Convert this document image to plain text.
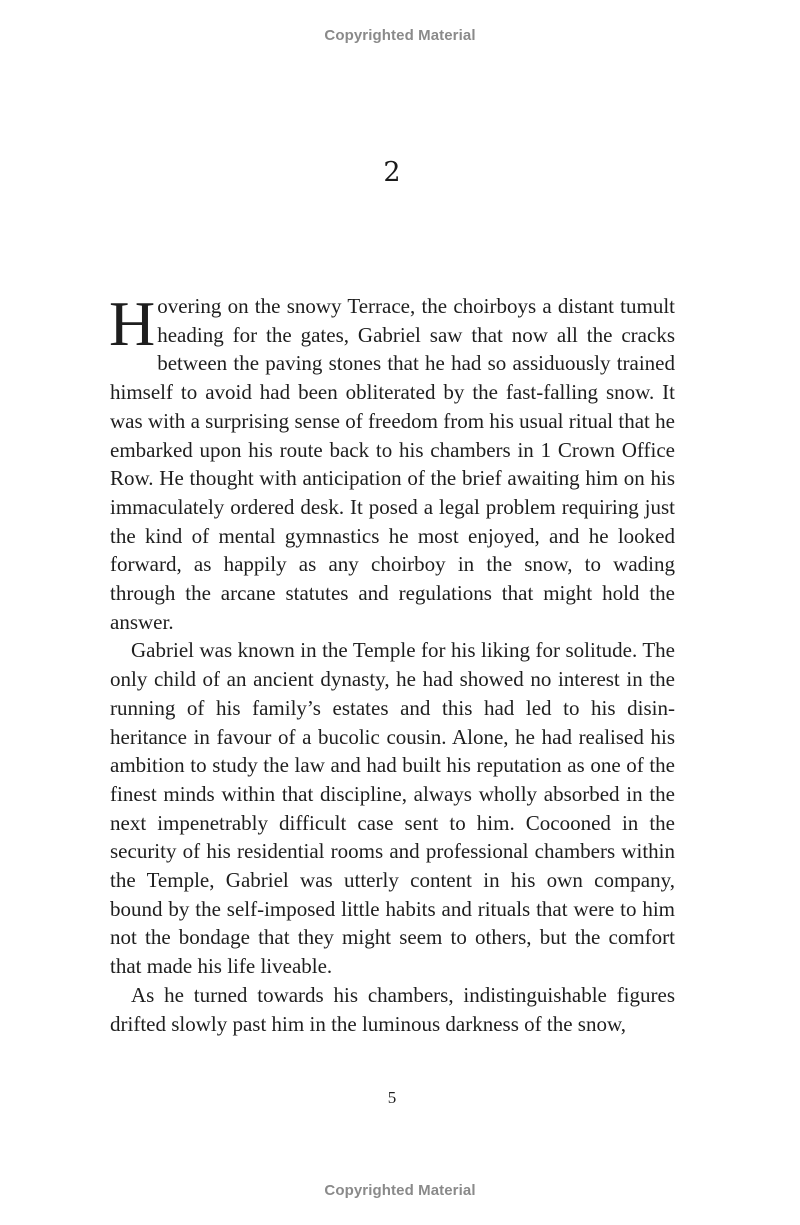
Copyrighted Material
2

Hovering on the snowy Terrace, the choirboys a distant tumult heading for the gates, Gabriel saw that now all the cracks between the paving stones that he had so assiduously trained himself to avoid had been obliterated by the fast-falling snow. It was with a surprising sense of freedom from his usual ritual that he embarked upon his route back to his chambers in 1 Crown Office Row. He thought with anticipation of the brief awaiting him on his immaculately ordered desk. It posed a legal problem requiring just the kind of mental gymnastics he most enjoyed, and he looked forward, as happily as any choirboy in the snow, to wading through the arcane statutes and regulations that might hold the answer.

Gabriel was known in the Temple for his liking for solitude. The only child of an ancient dynasty, he had showed no interest in the running of his family’s estates and this had led to his disinheritance in favour of a bucolic cousin. Alone, he had realised his ambition to study the law and had built his reputation as one of the finest minds within that discipline, always wholly absorbed in the next impenetrably difficult case sent to him. Cocooned in the security of his residential rooms and professional chambers within the Temple, Gabriel was utterly content in his own company, bound by the self-imposed little habits and rituals that were to him not the bondage that they might seem to others, but the comfort that made his life liveable.

As he turned towards his chambers, indistinguishable figures drifted slowly past him in the luminous darkness of the snow,

5
Copyrighted Material
